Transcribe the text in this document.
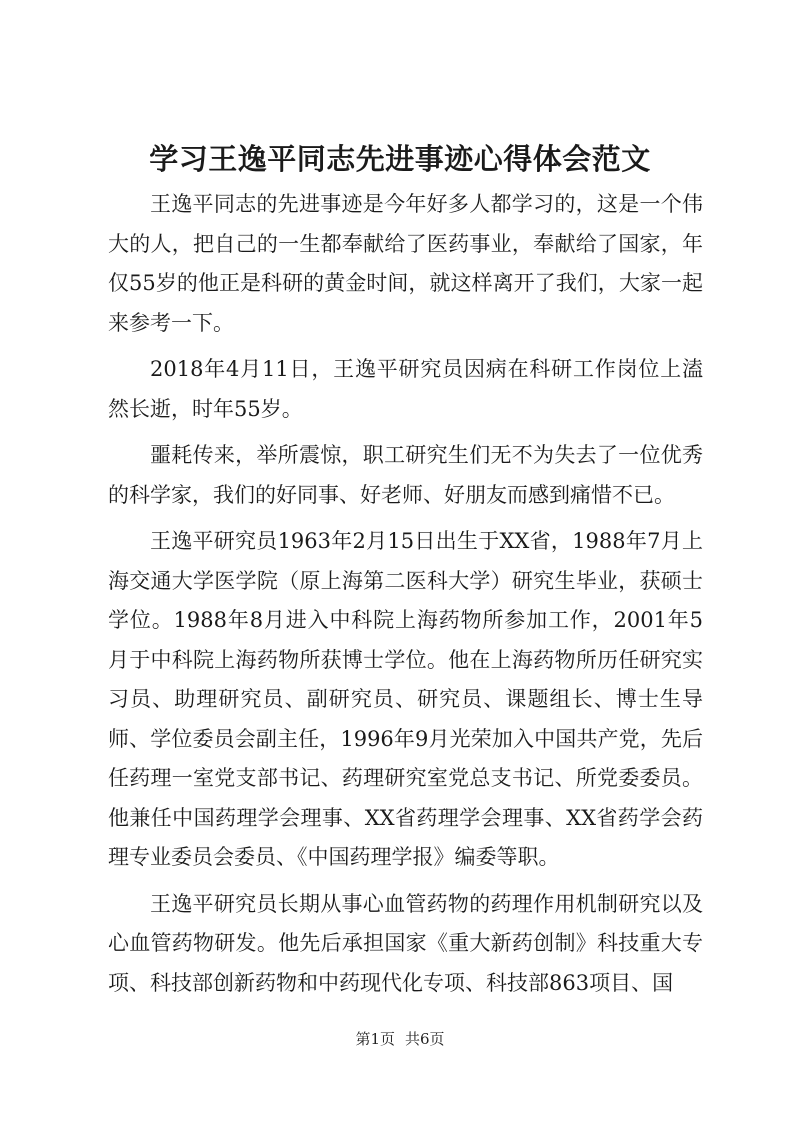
学习王逸平同志先进事迹心得体会范文

王逸平同志的先进事迹是今年好多人都学习的，这是一个伟大的人，把自己的一生都奉献给了医药事业，奉献给了国家，年仅55岁的他正是科研的黄金时间，就这样离开了我们，大家一起来参考一下。

2018年4月11日，王逸平研究员因病在科研工作岗位上溘然长逝，时年55岁。

噩耗传来，举所震惊，职工研究生们无不为失去了一位优秀的科学家，我们的好同事、好老师、好朋友而感到痛惜不已。

王逸平研究员1963年2月15日出生于XX省，1988年7月上海交通大学医学院（原上海第二医科大学）研究生毕业，获硕士学位。1988年8月进入中科院上海药物所参加工作，2001年5月于中科院上海药物所获博士学位。他在上海药物所历任研究实习员、助理研究员、副研究员、研究员、课题组长、博士生导师、学位委员会副主任，1996年9月光荣加入中国共产党，先后任药理一室党支部书记、药理研究室党总支书记、所党委委员。他兼任中国药理学会理事、XX省药理学会理事、XX省药学会药理专业委员会委员、《中国药理学报》编委等职。

王逸平研究员长期从事心血管药物的药理作用机制研究以及心血管药物研发。他先后承担国家《重大新药创制》科技重大专项、科技部创新药物和中药现代化专项、科技部863项目、国

第1页 共6页
